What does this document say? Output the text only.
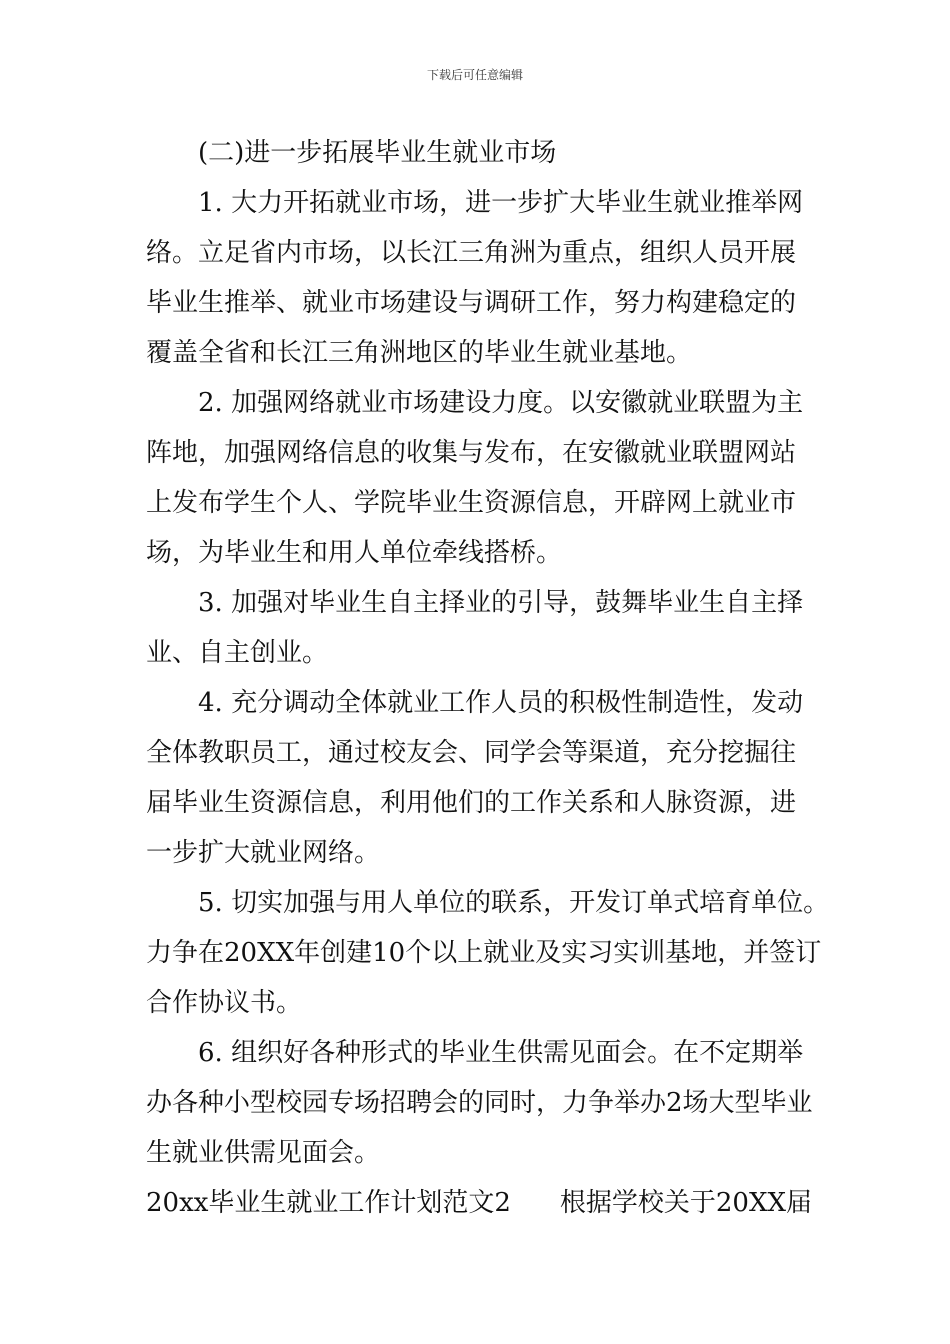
下载后可任意编辑

(二)进一步拓展毕业生就业市场

1. 大力开拓就业市场，进一步扩大毕业生就业推举网
络。立足省内市场，以长江三角洲为重点，组织人员开展
毕业生推举、就业市场建设与调研工作，努力构建稳定的
覆盖全省和长江三角洲地区的毕业生就业基地。
2. 加强网络就业市场建设力度。以安徽就业联盟为主
阵地，加强网络信息的收集与发布，在安徽就业联盟网站
上发布学生个人、学院毕业生资源信息，开辟网上就业市
场，为毕业生和用人单位牵线搭桥。
3. 加强对毕业生自主择业的引导，鼓舞毕业生自主择
业、自主创业。
4. 充分调动全体就业工作人员的积极性制造性，发动
全体教职员工，通过校友会、同学会等渠道，充分挖掘往
届毕业生资源信息，利用他们的工作关系和人脉资源，进
一步扩大就业网络。
5. 切实加强与用人单位的联系，开发订单式培育单位。
力争在20XX年创建10个以上就业及实习实训基地，并签订
合作协议书。
6. 组织好各种形式的毕业生供需见面会。在不定期举
办各种小型校园专场招聘会的同时，力争举办2场大型毕业
生就业供需见面会。
20xx毕业生就业工作计划范文2 根据学校关于20XX届
